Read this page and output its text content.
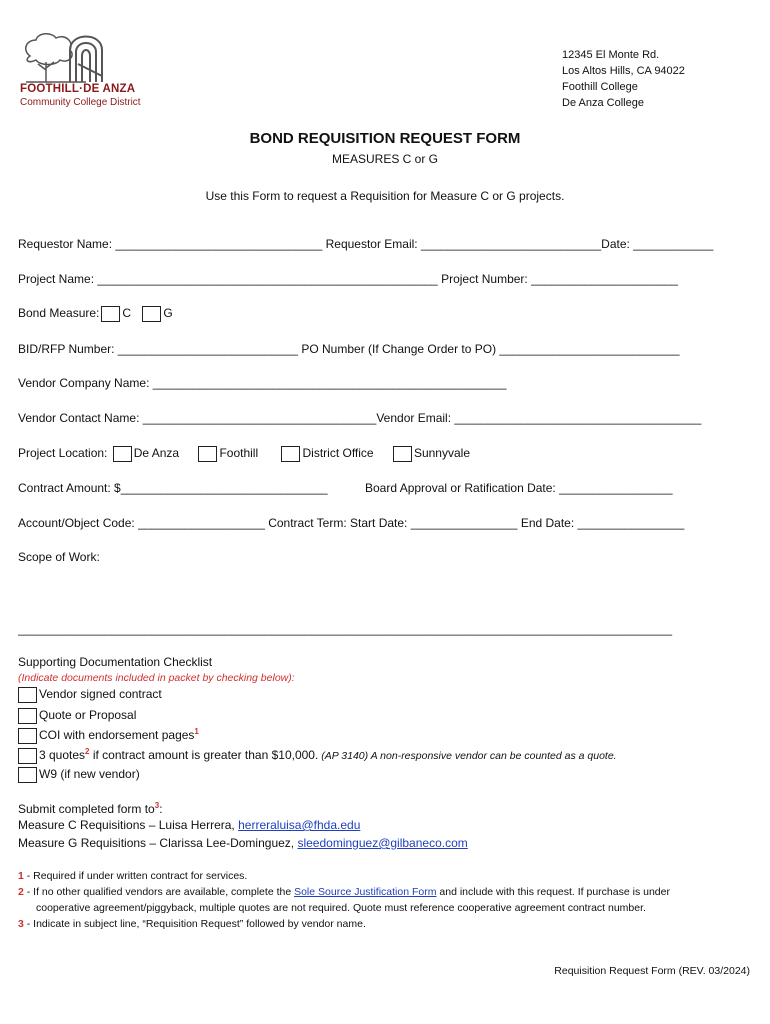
FOOTHILL·DE ANZA
Community College District
12345 El Monte Rd.
Los Altos Hills, CA 94022
Foothill College
De Anza College
BOND REQUISITION REQUEST FORM
MEASURES C or G
Use this Form to request a Requisition for Measure C or G projects.
Requestor Name: _______________________________ Requestor Email: ___________________________Date: ____________
Project Name: ___________________________________________________ Project Number: ______________________
Bond Measure: C	G
BID/RFP Number: ___________________________ PO Number (If Change Order to PO) ___________________________
Vendor Company Name: _____________________________________________________
Vendor Contact Name: ___________________________________Vendor Email: _____________________________________
Project Location: De Anza	Foothill	District Office	Sunnyvale
Contract Amount: $_______________________________	Board Approval or Ratification Date: _________________
Account/Object Code: ___________________ Contract Term: Start Date: ________________ End Date: ________________
Scope of Work:
__________________________________________________________________________________________________
Supporting Documentation Checklist
(Indicate documents included in packet by checking below):
Vendor signed contract
Quote or Proposal
COI with endorsement pages$^1$
3 quotes$^2$ if contract amount is greater than $10,000. (AP 3140) A non-responsive vendor can be counted as a quote.
W9 (if new vendor)
Submit completed form $to^3$:
Measure C Requisitions – Luisa Herrera, herreraluisa@fhda.edu
Measure G Requisitions – Clarissa Lee-Dominguez, sleedominguez@gilbaneco.com
1 - Required if under written contract for services.
2 - If no other qualified vendors are available, complete the Sole Source Justification Form and include with this request. If purchase is under
cooperative agreement/piggyback, multiple quotes are not required. Quote must reference cooperative agreement contract number.
3 - Indicate in subject line, “Requisition Request” followed by vendor name.
Requisition Request Form (REV. 03/2024)
